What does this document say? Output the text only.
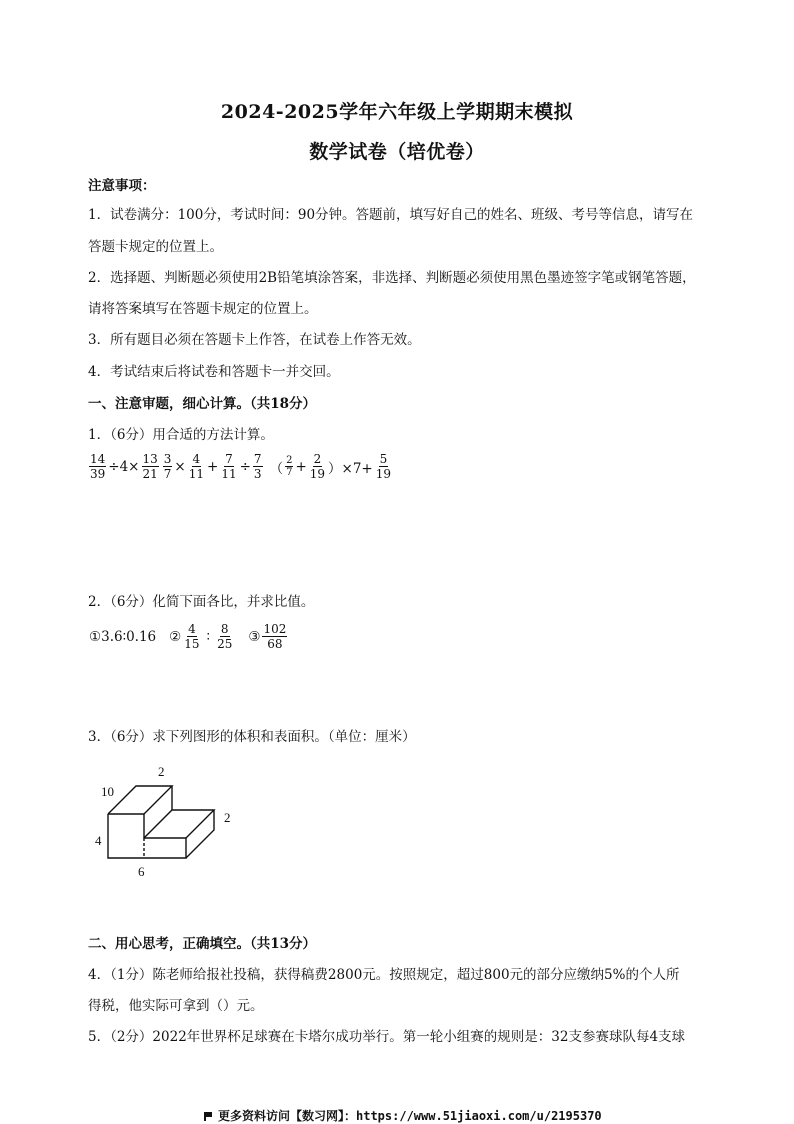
2024-2025学年六年级上学期期末模拟
数学试卷（培优卷）
注意事项：
1．试卷满分：100分，考试时间：90分钟。答题前，填写好自己的姓名、班级、考号等信息，请写在
答题卡规定的位置上。
2．选择题、判断题必须使用2B铅笔填涂答案，非选择、判断题必须使用黑色墨迹签字笔或钢笔答题，
请将答案填写在答题卡规定的位置上。
3．所有题目必须在答题卡上作答，在试卷上作答无效。
4．考试结束后将试卷和答题卡一并交回。
一、注意审题，细心计算。（共18分）
1．（6分）用合适的方法计算。
$\frac{14}{39} \div 4\times \frac{13}{21} \frac{3}{7} \times \frac{4}{11} + \frac{7}{11} \div \frac{7}{3}$ （ $\frac{2}{7} + \frac{2}{19} )\times 7+ \frac{5}{19}$
2．（6分）化简下面各比，并求比值。
①3.6∶0.16 ② $\frac{4}{15}$ ∶ $\frac{8}{25}$ ③ $\frac{102}{68}$
3．（6分）求下列图形的体积和表面积。（单位：厘米）
2
10
2
4
6
二、用心思考，正确填空。（共13分）
4．（1分）陈老师给报社投稿，获得稿费2800元。按照规定，超过800元的部分应缴纳5%的个人所
得税，他实际可拿到（）元。
5．（2分）2022年世界杯足球赛在卡塔尔成功举行。第一轮小组赛的规则是：32支参赛球队每4支球
更多资料访问【数习网】：https://www.51jiaoxi.com/u/2195370
